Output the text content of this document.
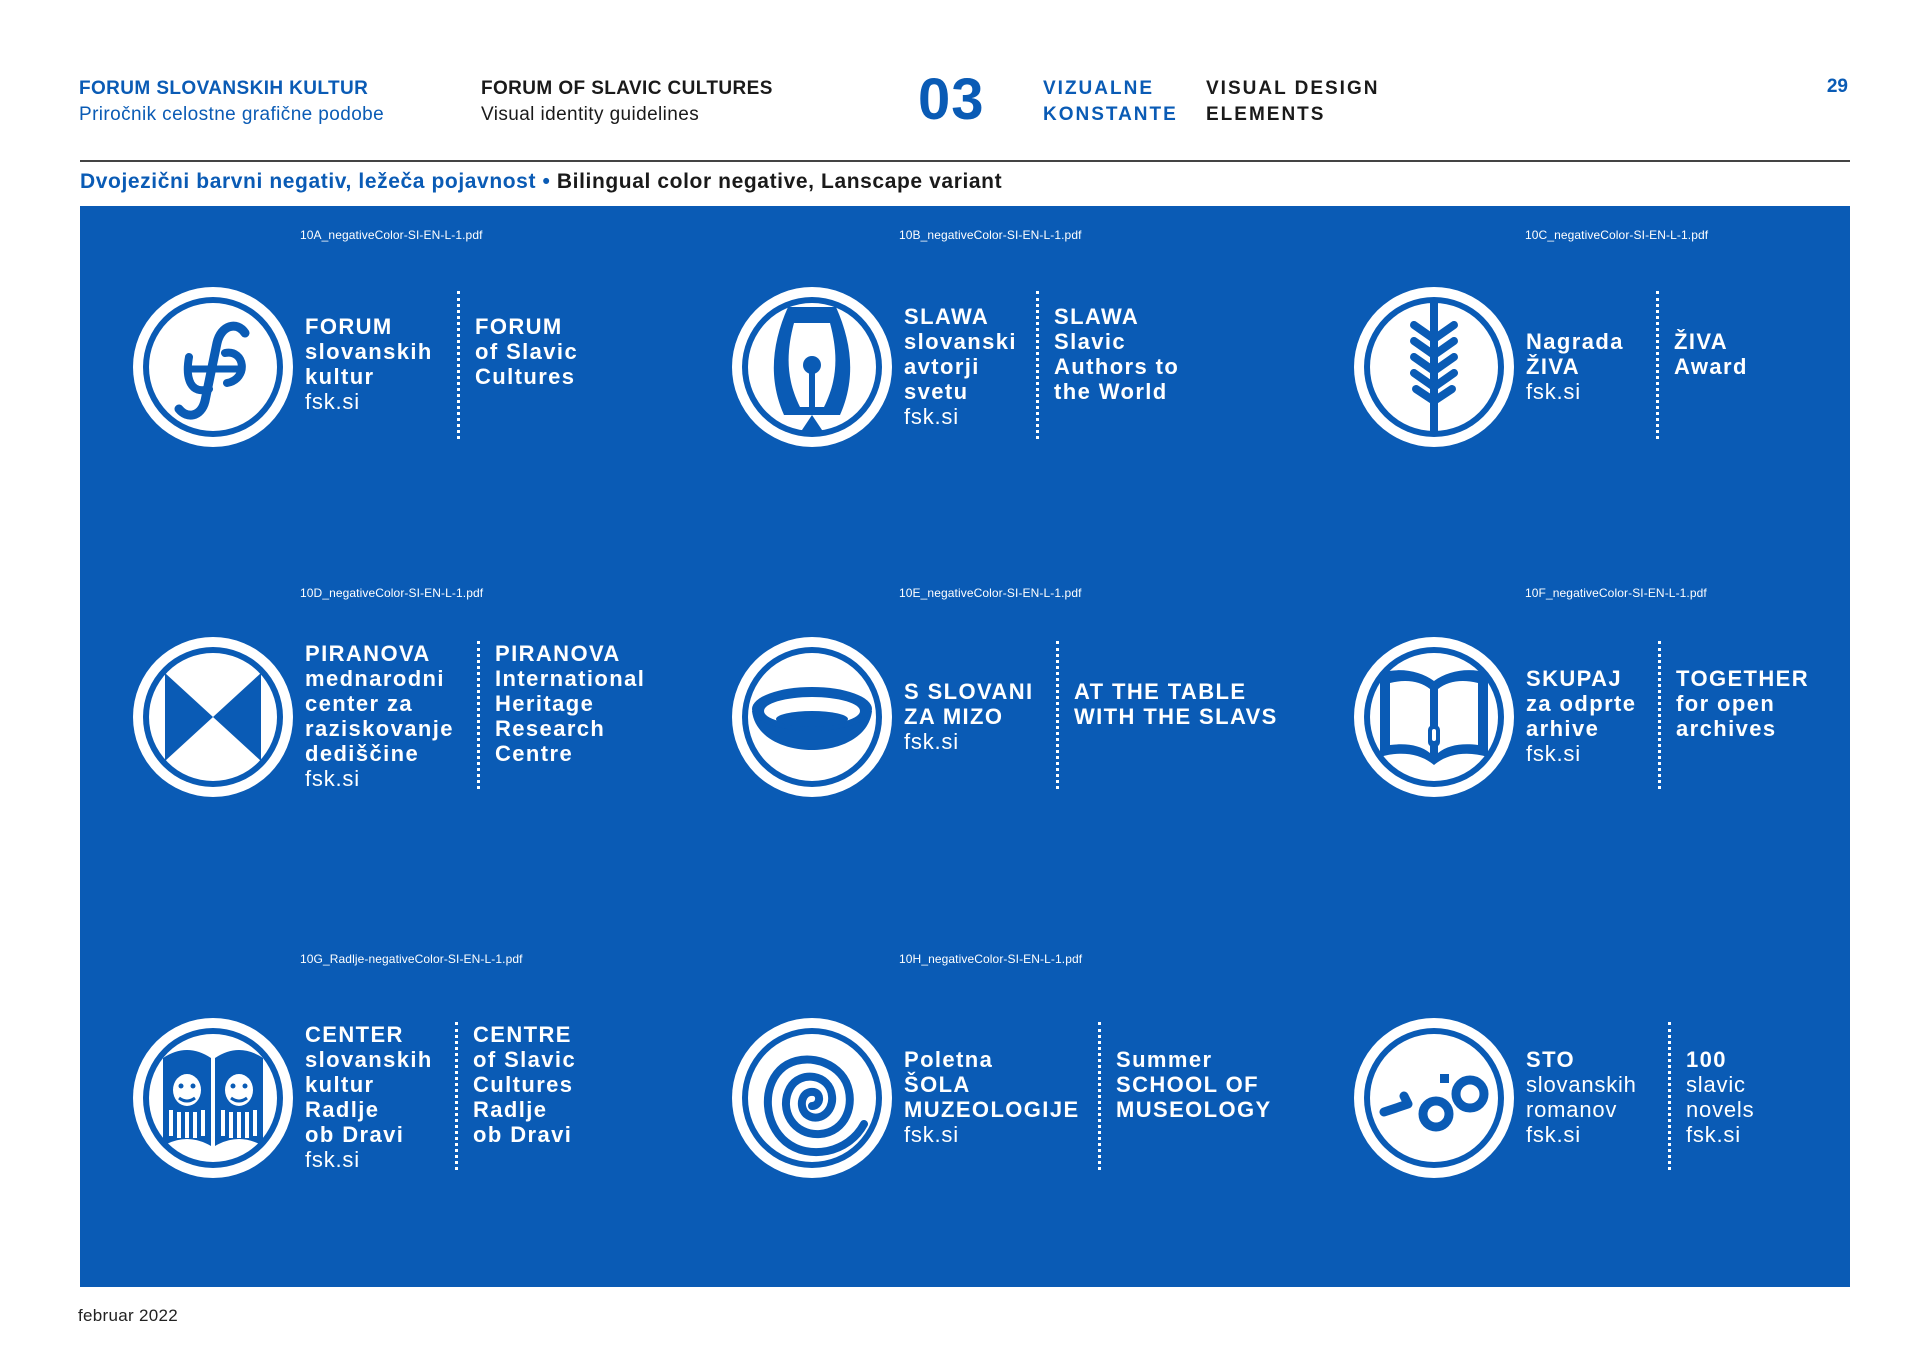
FORUM SLOVANSKIH KULTUR
Priročnik celostne grafične podobe
FORUM OF SLAVIC CULTURES
Visual identity guidelines	03	VIZUALNE
KONSTANTE
VISUAL DESIGN
ELEMENTS
29
Dvojezični barvni negativ, ležeča pojavnost • Bilingual color negative, Lanscape variant
10A_negativeColor-SI-EN-L-1.pdf
FORUM
slovanskih
kultur
fsk.si
FORUM
of Slavic
Cultures
10B_negativeColor-SI-EN-L-1.pdf
SLAWA
slovanski
avtorji
svetu
fsk.si
SLAWA
Slavic
Authors to
the World
10C_negativeColor-SI-EN-L-1.pdf
Nagrada
ŽIVA
fsk.si
ŽIVA
Award
10D_negativeColor-SI-EN-L-1.pdf
PIRANOVA
mednarodni
center za
raziskovanje
dediščine
fsk.si
PIRANOVA
International
Heritage
Research
Centre
10E_negativeColor-SI-EN-L-1.pdf
S SLOVANI
ZA MIZO
fsk.si
AT THE TABLE
WITH THE SLAVS
10F_negativeColor-SI-EN-L-1.pdf
SKUPAJ
za odprte
arhive
fsk.si
TOGETHER
for open
archives
10G_Radlje-negativeColor-SI-EN-L-1.pdf
CENTER
slovanskih
kultur
Radlje
ob Dravi
fsk.si
CENTRE
of Slavic
Cultures
Radlje
ob Dravi
10H_negativeColor-SI-EN-L-1.pdf
Poletna
ŠOLA
MUZEOLOGIJE
fsk.si
Summer
SCHOOL OF
MUSEOLOGY
STO
slovanskih
romanov
fsk.si
100
slavic
novels
fsk.si
februar 2022
